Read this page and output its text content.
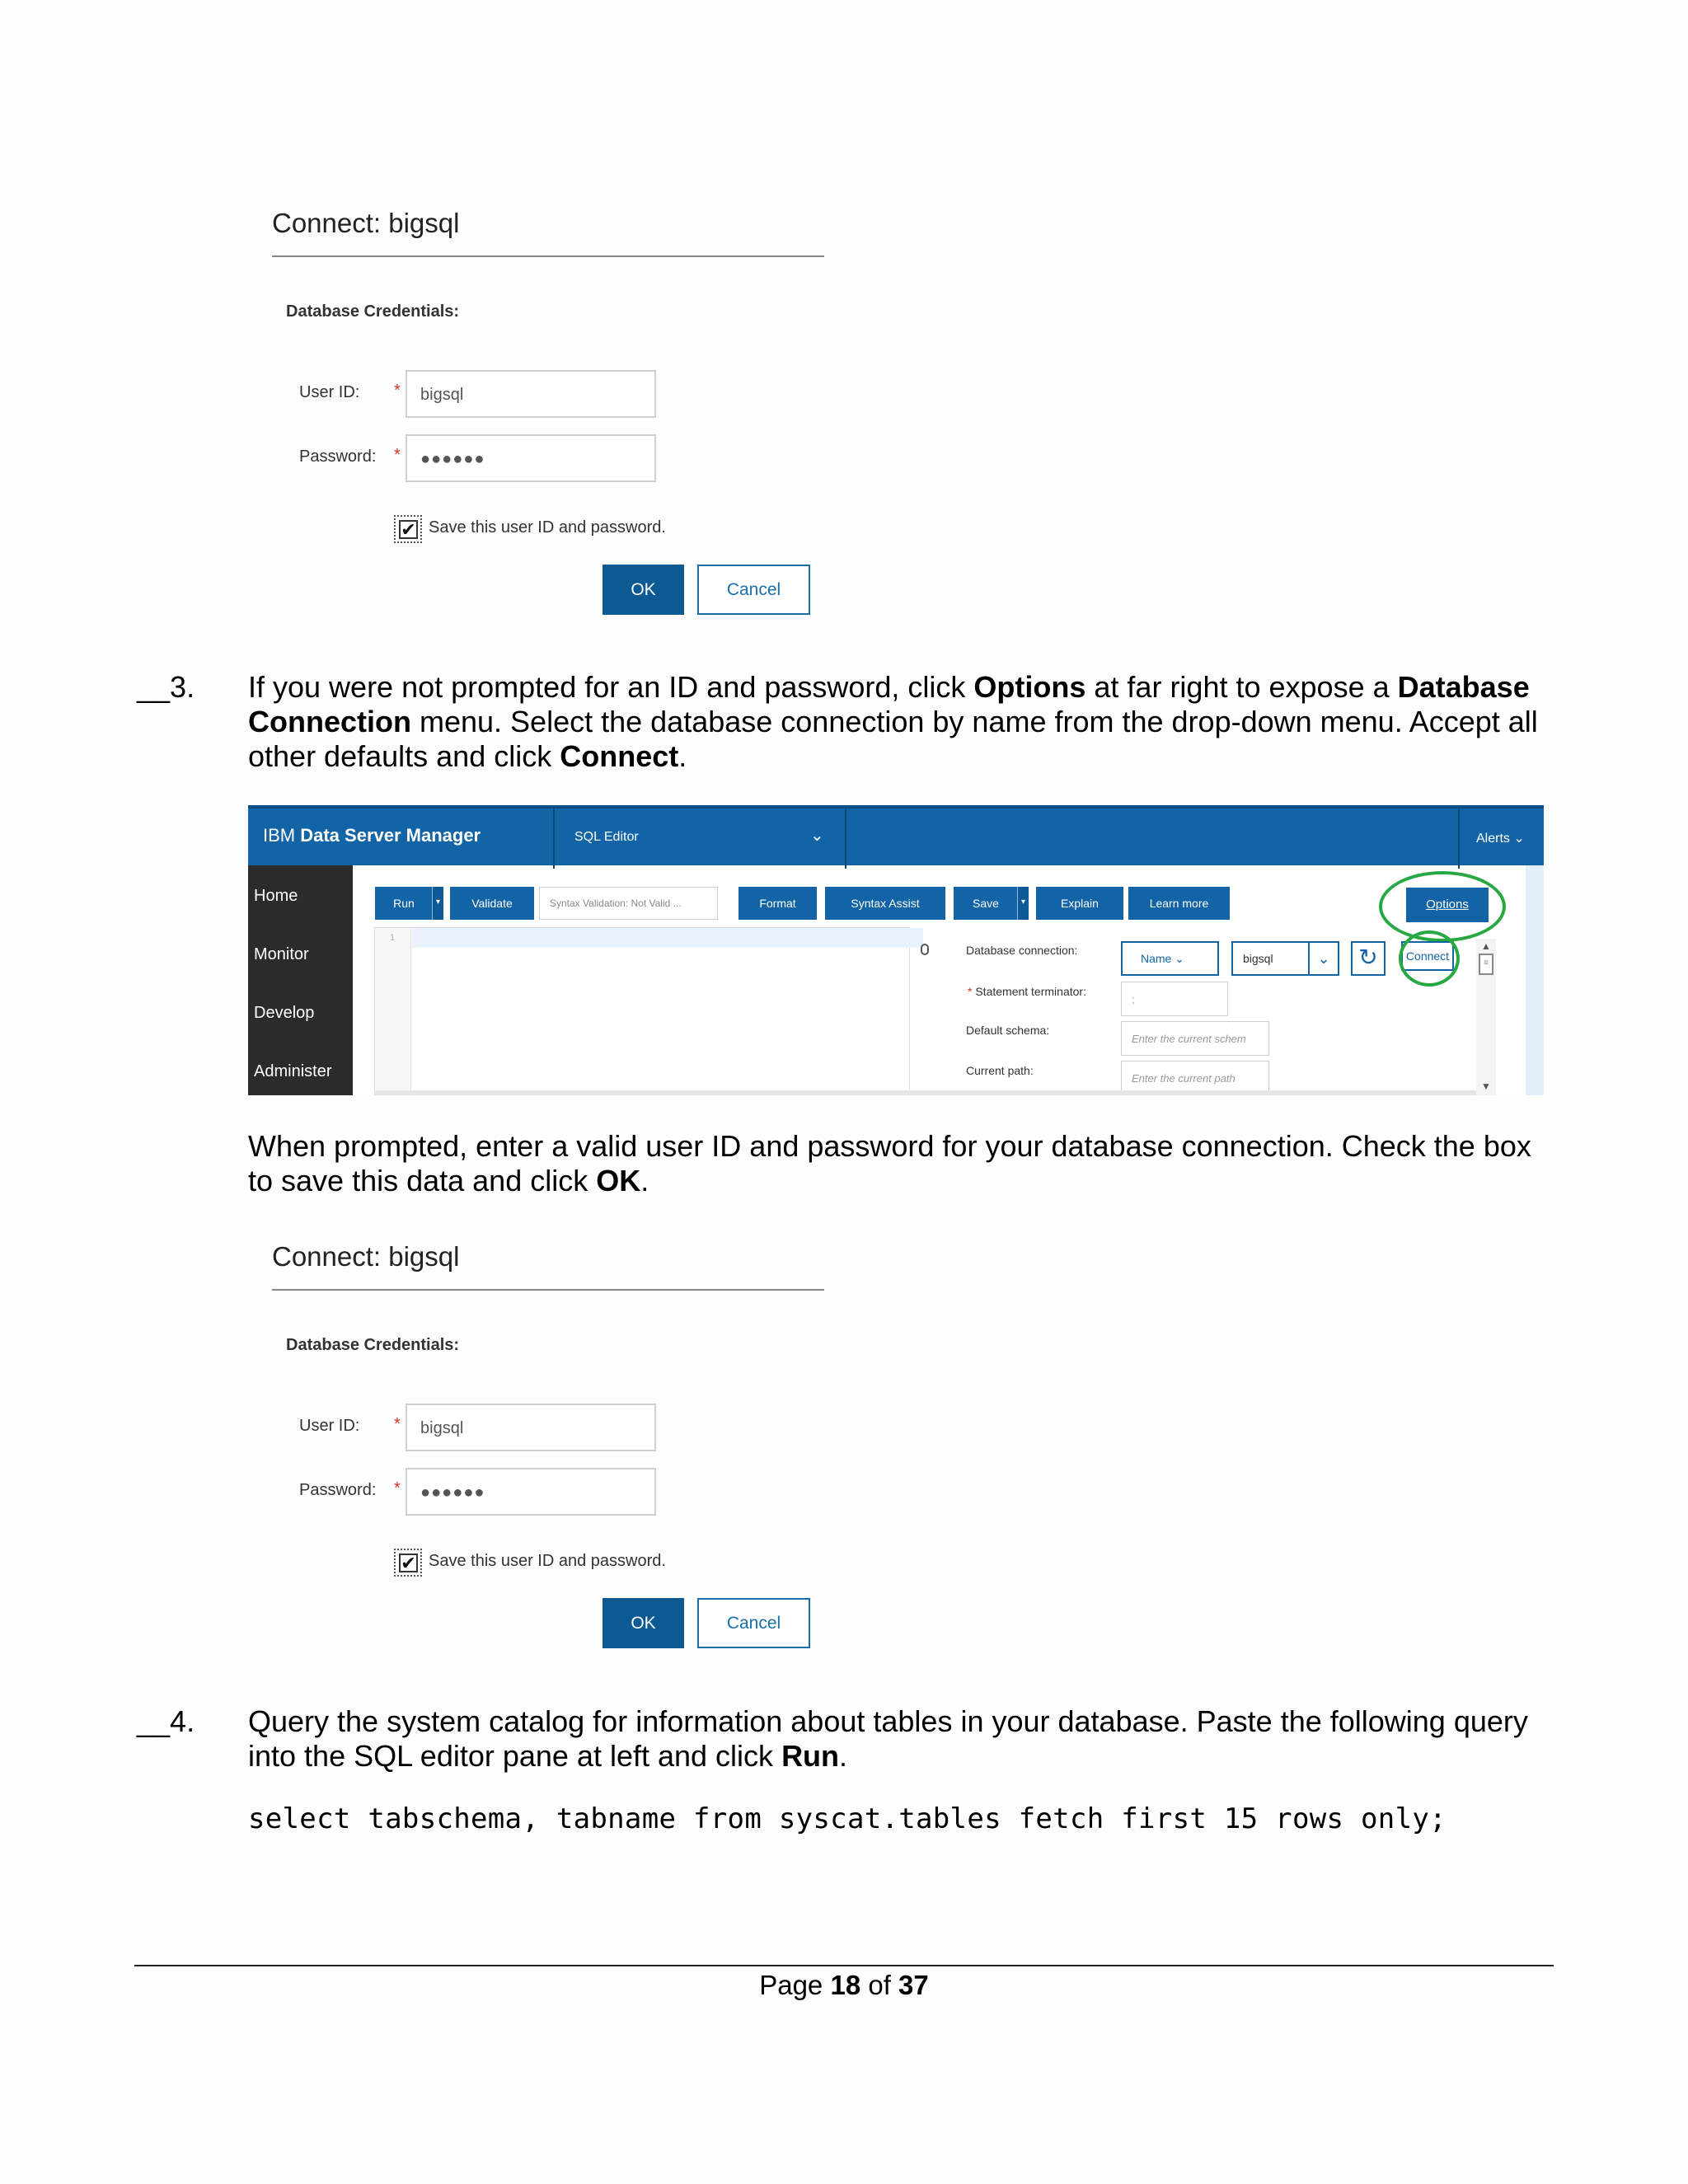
Connect: bigsql
Database Credentials:
User ID: *	bigsql
Password: *	●●●●●●
✔ Save this user ID and password.
OK	Cancel
__3. If you were not prompted for an ID and password, click Options at far right to expose a Database Connection menu. Select the database connection by name from the drop-down menu. Accept all other defaults and click Connect.
IBM Data Server Manager	SQL Editor	⌄	Alerts ⌄
Home
Monitor
Develop
Administer
Run	▾	Validate	Syntax Validation: Not Valid ...	Format	Syntax Assist	Save	▾	Explain	Learn more	Options
1
Database connection:
Name ⌄	bigsql	⌄	↻	Connect
* Statement terminator:
;
Default schema:
Enter the current schem
Current path:
Enter the current path
▲
≡
▼
When prompted, enter a valid user ID and password for your database connection. Check the box to save this data and click OK.
Connect: bigsql
Database Credentials:
User ID: *	bigsql
Password: *	●●●●●●
✔ Save this user ID and password.
OK	Cancel
__4. Query the system catalog for information about tables in your database. Paste the following query into the SQL editor pane at left and click Run.
select tabschema, tabname from syscat.tables fetch first 15 rows only;
Page 18 of 37
